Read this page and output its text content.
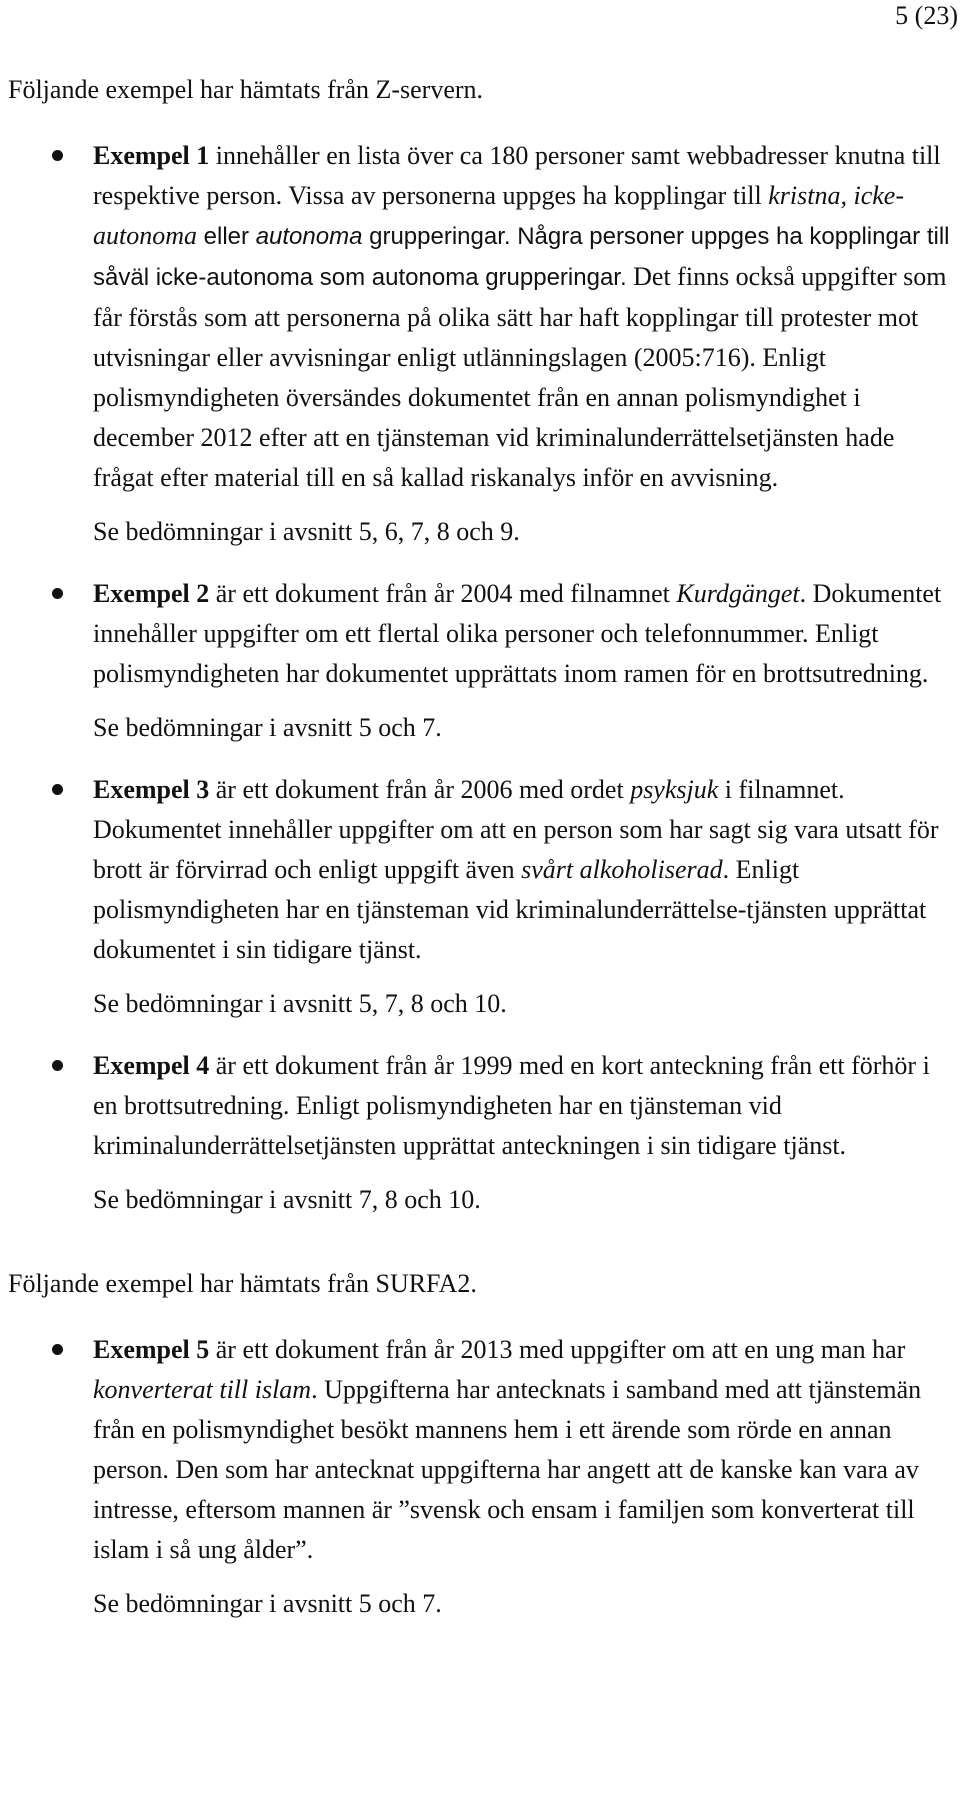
5 (23)

Följande exempel har hämtats från Z-servern.

Exempel 1 innehåller en lista över ca 180 personer samt webbadresser knutna till respektive person. Vissa av personerna uppges ha kopplingar till kristna, icke-autonoma eller autonoma grupperingar. Några personer uppges ha kopplingar till såväl icke-autonoma som autonoma grupperingar. Det finns också uppgifter som får förstås som att personerna på olika sätt har haft kopplingar till protester mot utvisningar eller avvisningar enligt utlänningslagen (2005:716). Enligt polismyndigheten översändes dokumentet från en annan polismyndighet i december 2012 efter att en tjänsteman vid kriminalunderrättelsetjänsten hade frågat efter material till en så kallad riskanalys inför en avvisning.

Se bedömningar i avsnitt 5, 6, 7, 8 och 9.

Exempel 2 är ett dokument från år 2004 med filnamnet Kurdgänget. Dokumentet innehåller uppgifter om ett flertal olika personer och telefonnummer. Enligt polismyndigheten har dokumentet upprättats inom ramen för en brottsutredning.

Se bedömningar i avsnitt 5 och 7.

Exempel 3 är ett dokument från år 2006 med ordet psyksjuk i filnamnet. Dokumentet innehåller uppgifter om att en person som har sagt sig vara utsatt för brott är förvirrad och enligt uppgift även svårt alkoholiserad. Enligt polismyndigheten har en tjänsteman vid kriminalunderrättelse-tjänsten upprättat dokumentet i sin tidigare tjänst.

Se bedömningar i avsnitt 5, 7, 8 och 10.

Exempel 4 är ett dokument från år 1999 med en kort anteckning från ett förhör i en brottsutredning. Enligt polismyndigheten har en tjänsteman vid kriminalunderrättelsetjänsten upprättat anteckningen i sin tidigare tjänst.

Se bedömningar i avsnitt 7, 8 och 10.

Följande exempel har hämtats från SURFA2.

Exempel 5 är ett dokument från år 2013 med uppgifter om att en ung man har konverterat till islam. Uppgifterna har antecknats i samband med att tjänstemän från en polismyndighet besökt mannens hem i ett ärende som rörde en annan person. Den som har antecknat uppgifterna har angett att de kanske kan vara av intresse, eftersom mannen är ”svensk och ensam i familjen som konverterat till islam i så ung ålder”.

Se bedömningar i avsnitt 5 och 7.
